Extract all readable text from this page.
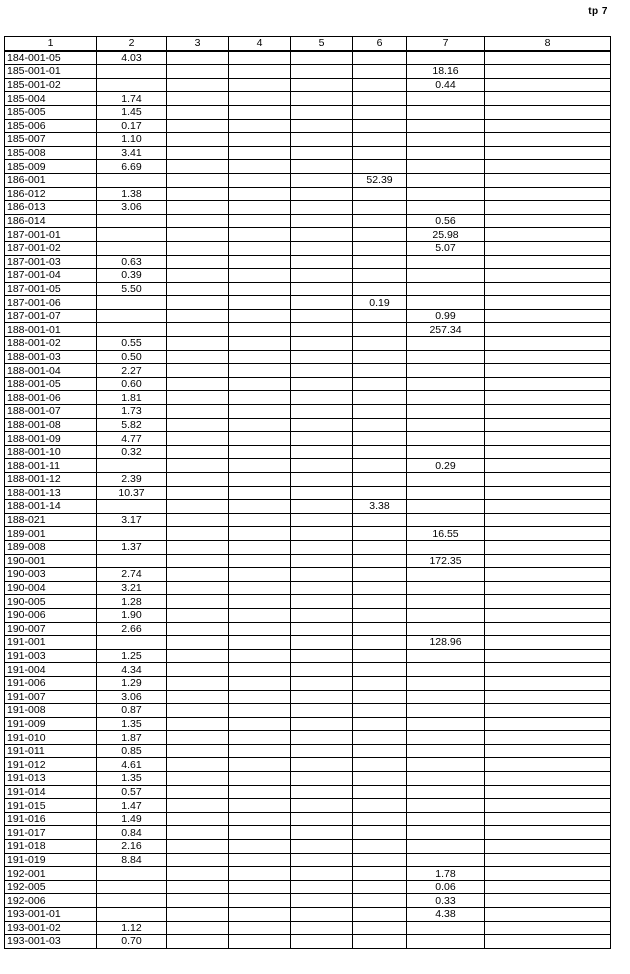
tp 7
1	2	3	4	5	6	7	8
184-001-05	4.03						
185-001-01						18.16	
185-001-02						0.44	
185-004	1.74						
185-005	1.45						
185-006	0.17						
185-007	1.10						
185-008	3.41						
185-009	6.69						
186-001					52.39		
186-012	1.38						
186-013	3.06						
186-014						0.56	
187-001-01						25.98	
187-001-02						5.07	
187-001-03	0.63						
187-001-04	0.39						
187-001-05	5.50						
187-001-06					0.19		
187-001-07						0.99	
188-001-01						257.34	
188-001-02	0.55						
188-001-03	0.50						
188-001-04	2.27						
188-001-05	0.60						
188-001-06	1.81						
188-001-07	1.73						
188-001-08	5.82						
188-001-09	4.77						
188-001-10	0.32						
188-001-11						0.29	
188-001-12	2.39						
188-001-13	10.37						
188-001-14					3.38		
188-021	3.17						
189-001						16.55	
189-008	1.37						
190-001						172.35	
190-003	2.74						
190-004	3.21						
190-005	1.28						
190-006	1.90						
190-007	2.66						
191-001						128.96	
191-003	1.25						
191-004	4.34						
191-006	1.29						
191-007	3.06						
191-008	0.87						
191-009	1.35						
191-010	1.87						
191-011	0.85						
191-012	4.61						
191-013	1.35						
191-014	0.57						
191-015	1.47						
191-016	1.49						
191-017	0.84						
191-018	2.16						
191-019	8.84						
192-001						1.78	
192-005						0.06	
192-006						0.33	
193-001-01						4.38	
193-001-02	1.12						
193-001-03	0.70						
